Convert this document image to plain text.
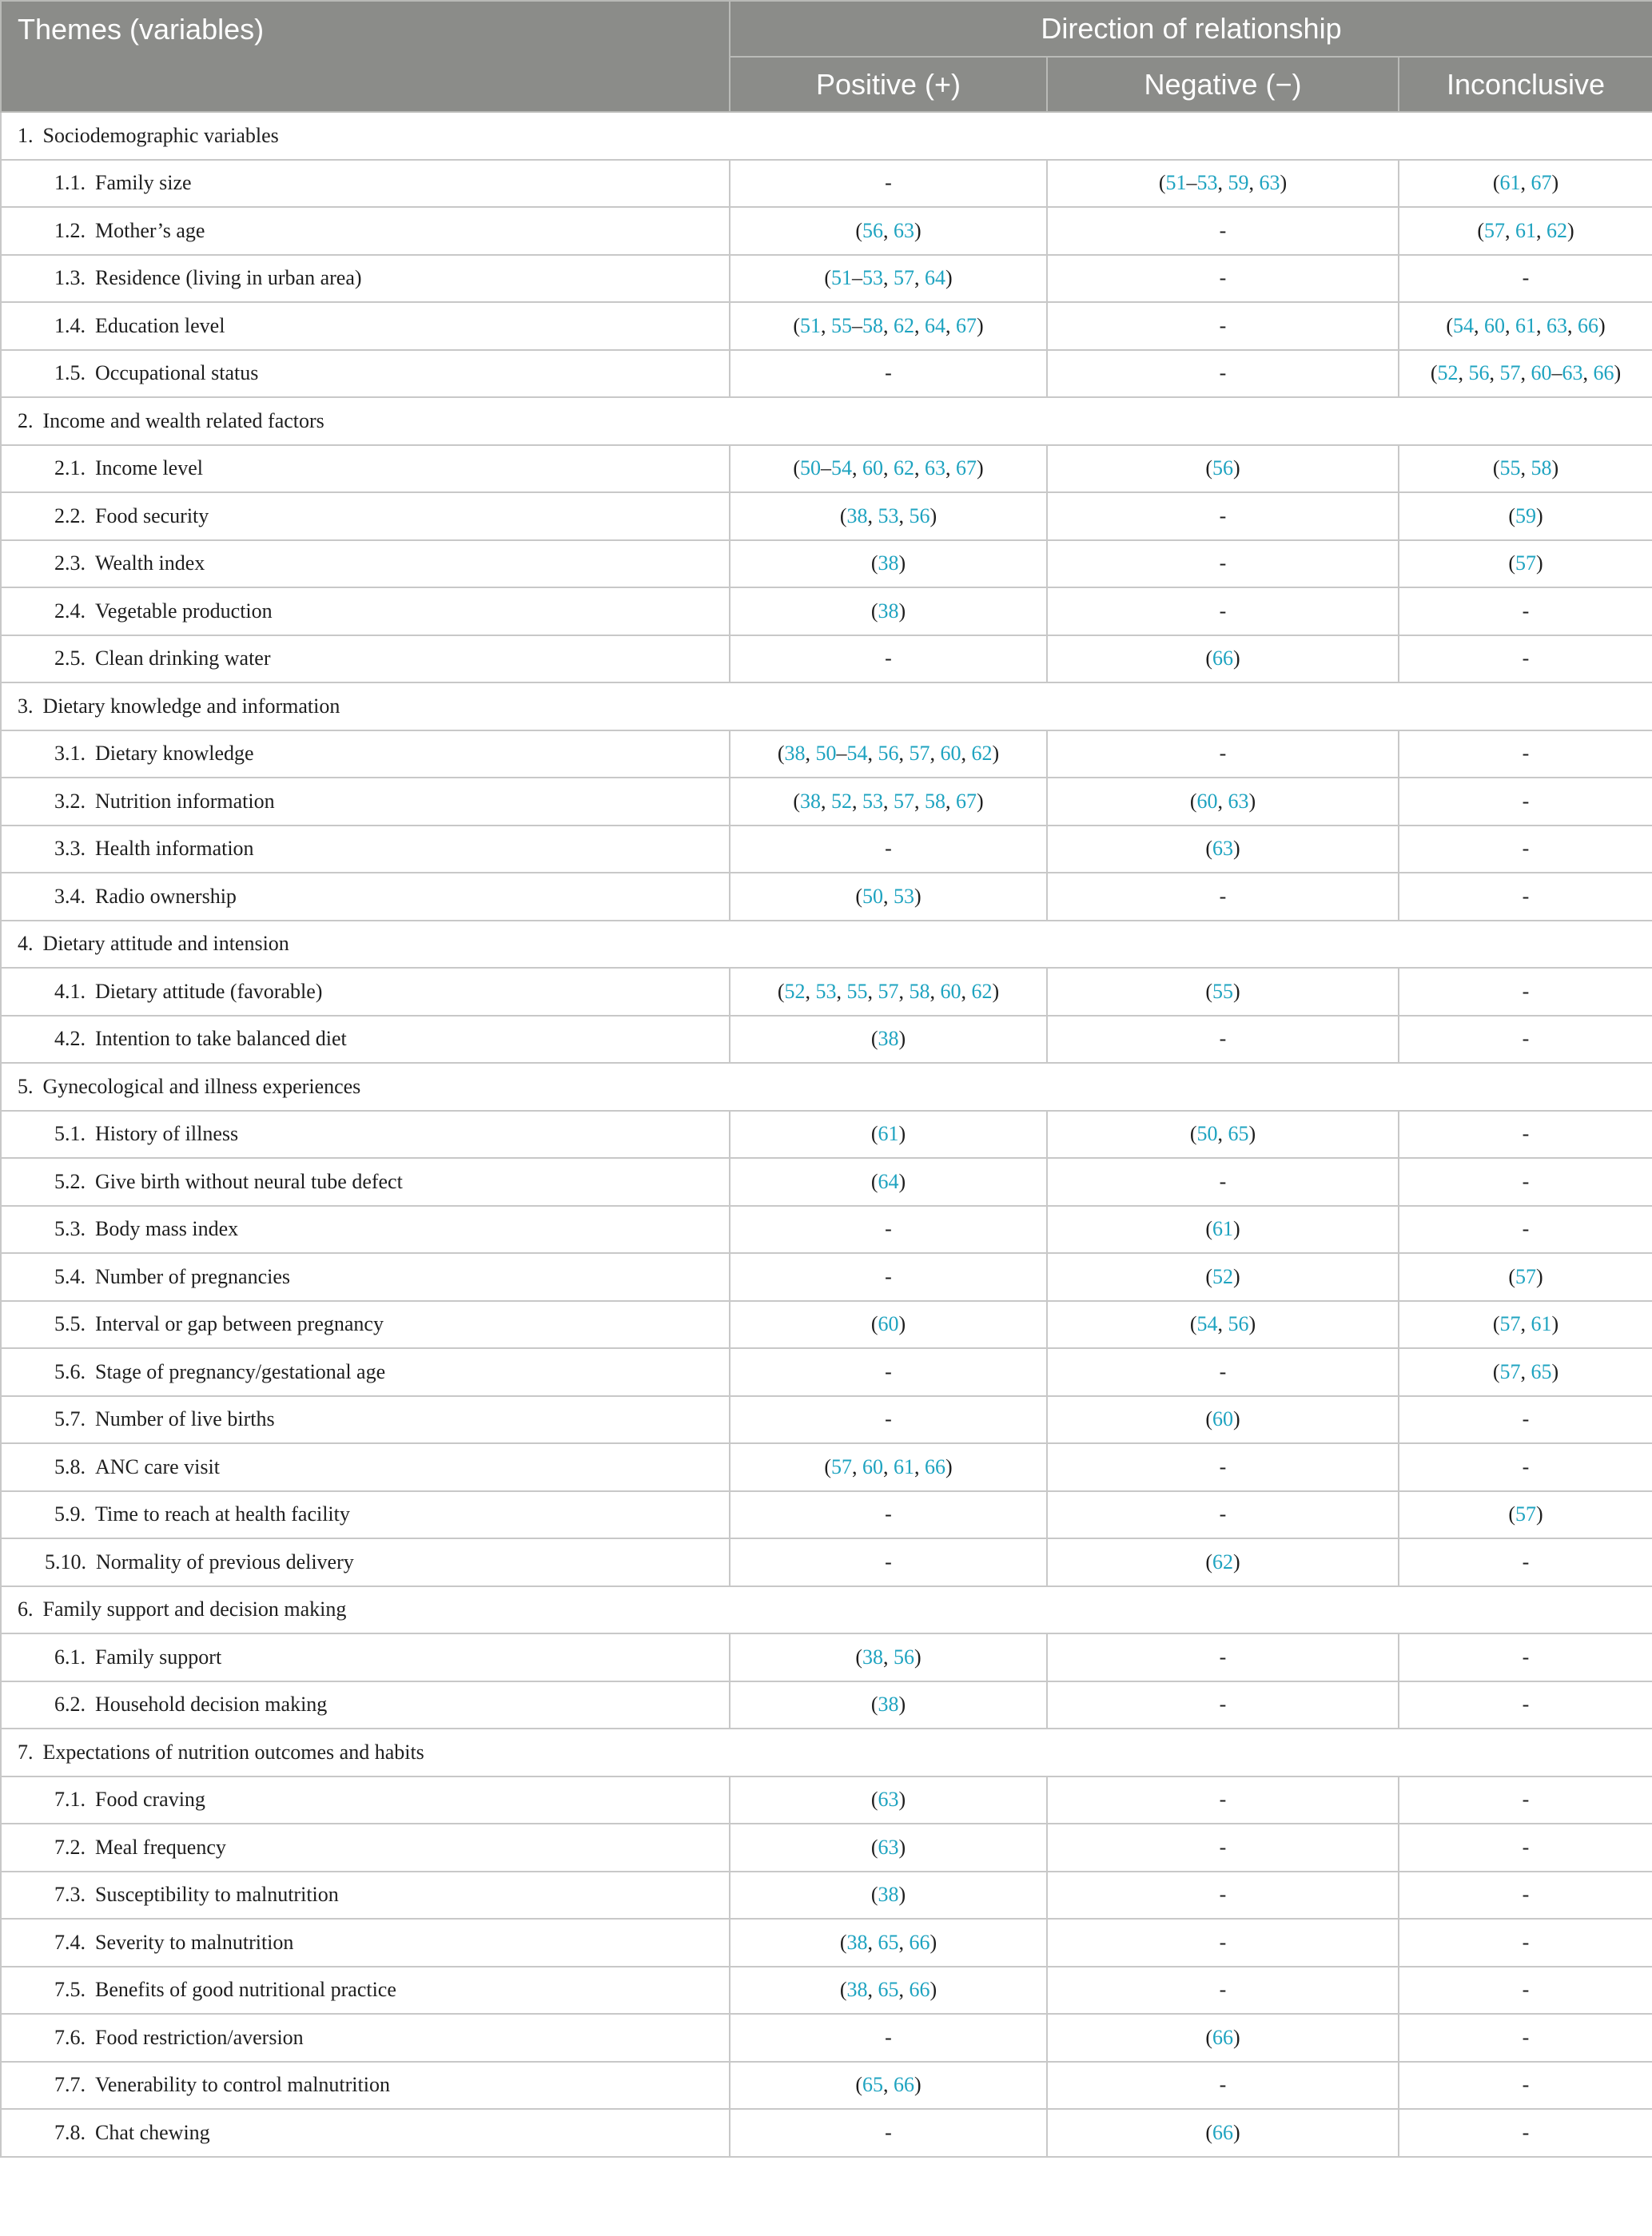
Themes (variables)	Direction of relationship		
	Positive (+)	Negative (−)	Inconclusive
1. Sociodemographic variables			
1.1. Family size	-	(51–53, 59, 63)	(61, 67)
1.2. Mother’s age	(56, 63)	-	(57, 61, 62)
1.3. Residence (living in urban area)	(51–53, 57, 64)	-	-
1.4. Education level	(51, 55–58, 62, 64, 67)	-	(54, 60, 61, 63, 66)
1.5. Occupational status	-	-	(52, 56, 57, 60–63, 66)
2. Income and wealth related factors			
2.1. Income level	(50–54, 60, 62, 63, 67)	(56)	(55, 58)
2.2. Food security	(38, 53, 56)	-	(59)
2.3. Wealth index	(38)	-	(57)
2.4. Vegetable production	(38)	-	-
2.5. Clean drinking water	-	(66)	-
3. Dietary knowledge and information			
3.1. Dietary knowledge	(38, 50–54, 56, 57, 60, 62)	-	-
3.2. Nutrition information	(38, 52, 53, 57, 58, 67)	(60, 63)	-
3.3. Health information	-	(63)	-
3.4. Radio ownership	(50, 53)	-	-
4. Dietary attitude and intension			
4.1. Dietary attitude (favorable)	(52, 53, 55, 57, 58, 60, 62)	(55)	-
4.2. Intention to take balanced diet	(38)	-	-
5. Gynecological and illness experiences			
5.1. History of illness	(61)	(50, 65)	-
5.2. Give birth without neural tube defect	(64)	-	-
5.3. Body mass index	-	(61)	-
5.4. Number of pregnancies	-	(52)	(57)
5.5. Interval or gap between pregnancy	(60)	(54, 56)	(57, 61)
5.6. Stage of pregnancy/gestational age	-	-	(57, 65)
5.7. Number of live births	-	(60)	-
5.8. ANC care visit	(57, 60, 61, 66)	-	-
5.9. Time to reach at health facility	-	-	(57)
5.10. Normality of previous delivery	-	(62)	-
6. Family support and decision making			
6.1. Family support	(38, 56)	-	-
6.2. Household decision making	(38)	-	-
7. Expectations of nutrition outcomes and habits			
7.1. Food craving	(63)	-	-
7.2. Meal frequency	(63)	-	-
7.3. Susceptibility to malnutrition	(38)	-	-
7.4. Severity to malnutrition	(38, 65, 66)	-	-
7.5. Benefits of good nutritional practice	(38, 65, 66)	-	-
7.6. Food restriction/aversion	-	(66)	-
7.7. Venerability to control malnutrition	(65, 66)	-	-
7.8. Chat chewing	-	(66)	-
